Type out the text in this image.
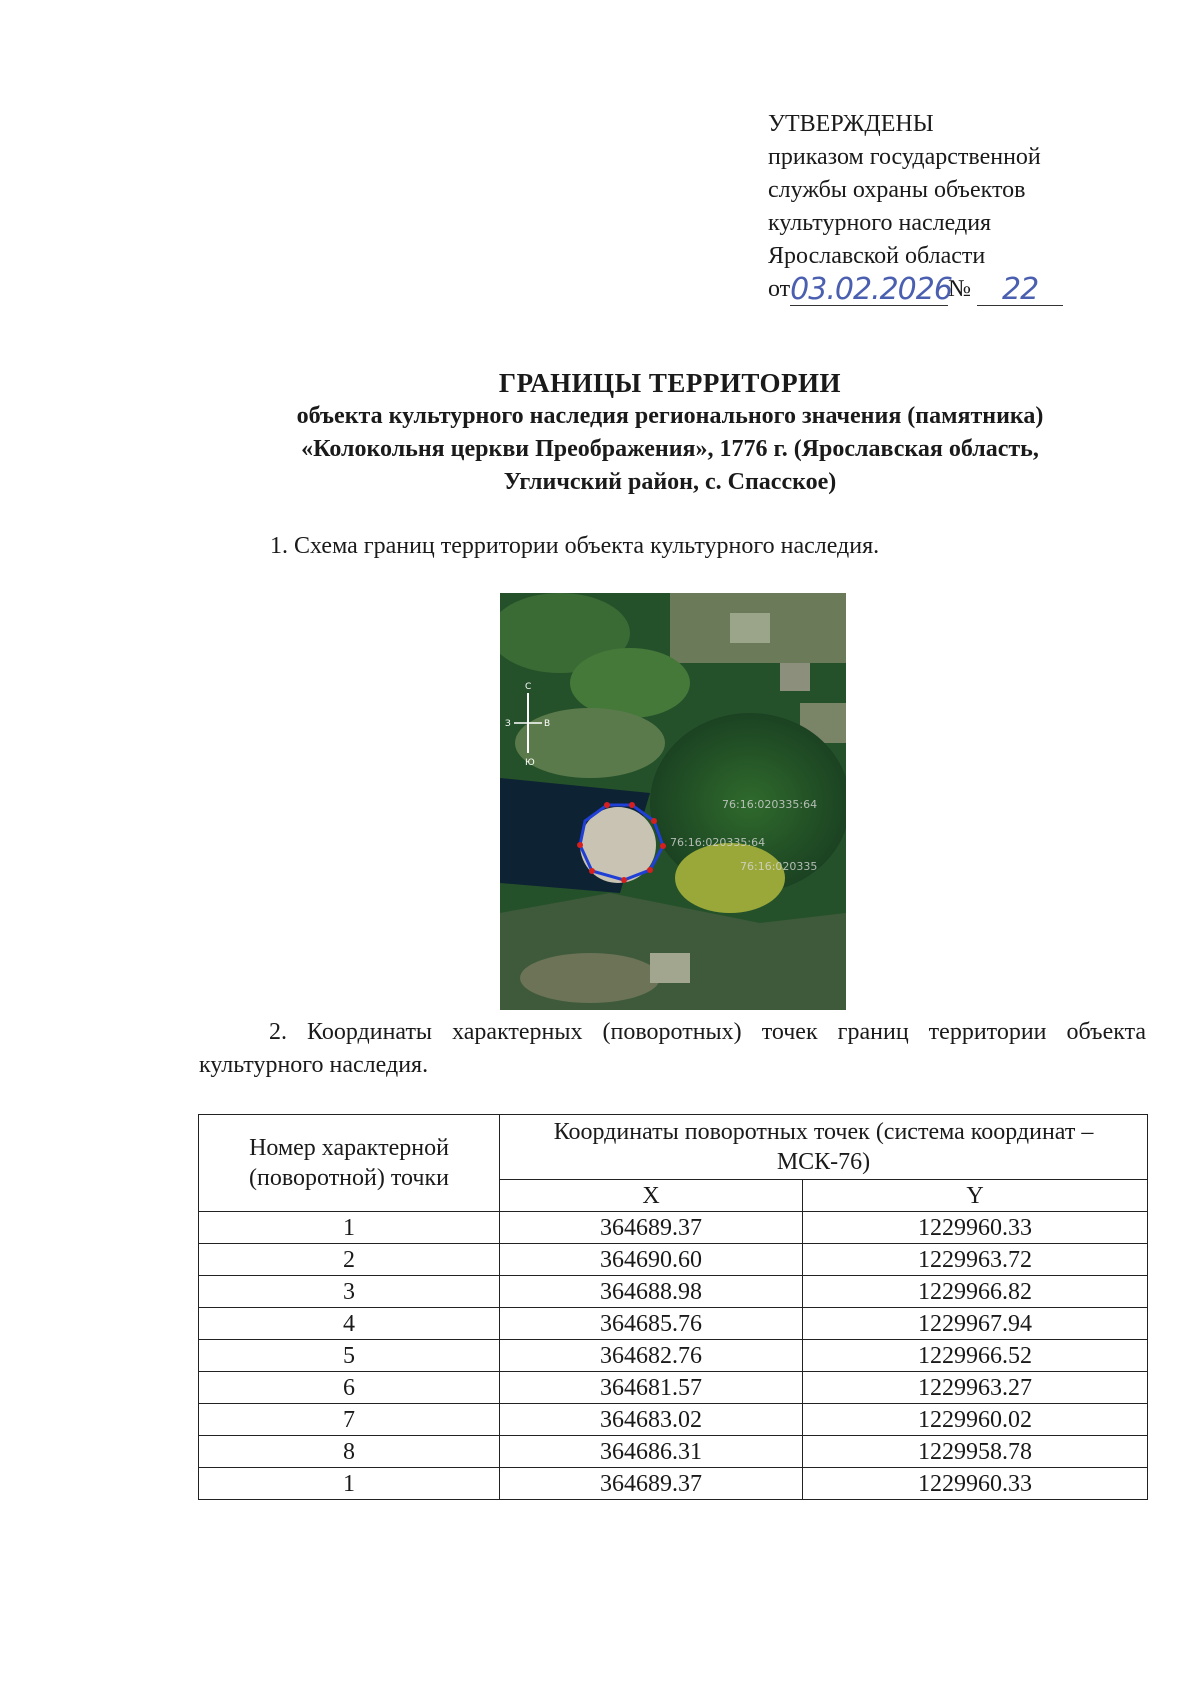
УТВЕРЖДЕНЫ
приказом государственной
службы охраны объектов
культурного наследия
Ярославской области
от 03.02.2026
№	22
ГРАНИЦЫ ТЕРРИТОРИИ
объекта культурного наследия регионального значения (памятника)
«Колокольня церкви Преображения», 1776 г. (Ярославская область,
Угличский район, с. Спасское)
1. Схема границ территории объекта культурного наследия.
С
Ю
З	В
76:16:020335:64
76:16:020335:64
76:16:020335
2. Координаты характерных (поворотных) точек границ территории объекта культурного наследия.
Номер характерной (поворотной) точки	Координаты поворотных точек (система координат – МСК-76)	
	X	Y
1	364689.37	1229960.33
2	364690.60	1229963.72
3	364688.98	1229966.82
4	364685.76	1229967.94
5	364682.76	1229966.52
6	364681.57	1229963.27
7	364683.02	1229960.02
8	364686.31	1229958.78
1	364689.37	1229960.33
